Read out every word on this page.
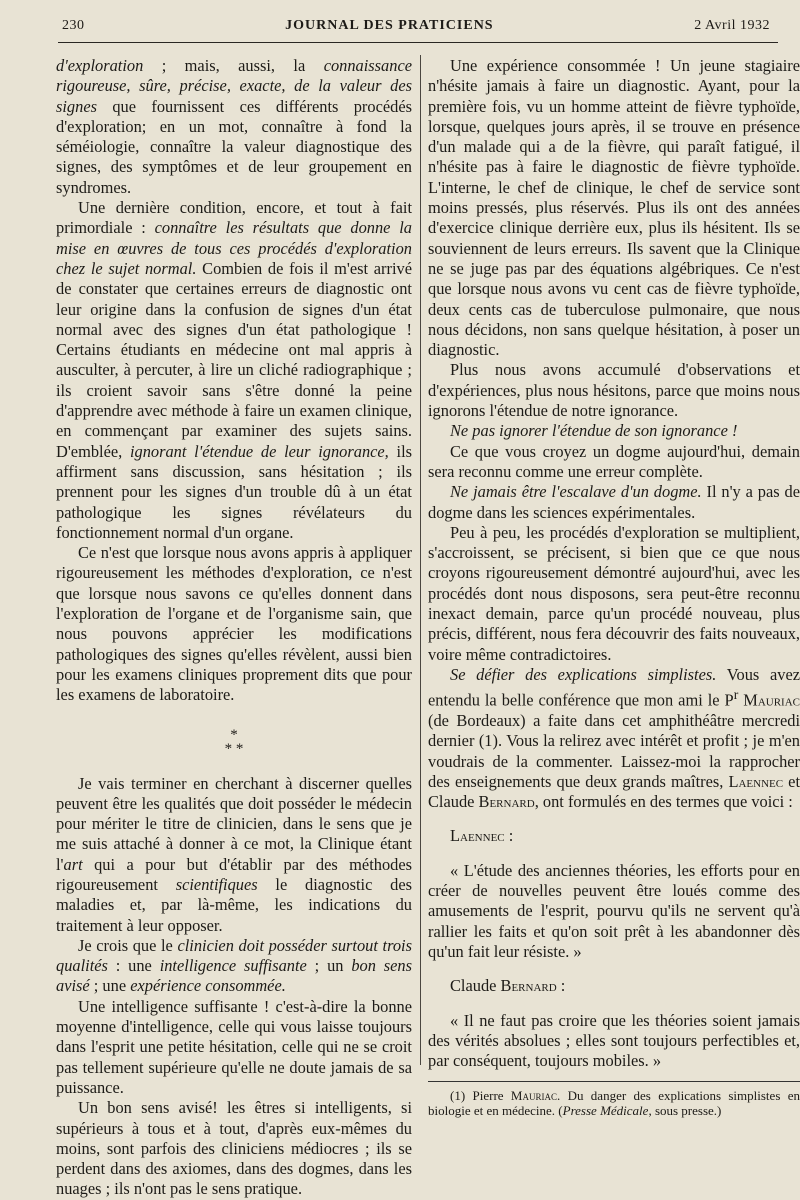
230	JOURNAL DES PRATICIENS	2 Avril 1932

d'exploration ; mais, aussi, la connaissance rigoureuse, sûre, précise, exacte, de la valeur des signes que fournissent ces différents procédés d'exploration; en un mot, connaître à fond la séméiologie, connaître la valeur diagnostique des signes, des symptômes et de leur groupement en syndromes.

Une dernière condition, encore, et tout à fait primordiale : connaître les résultats que donne la mise en œuvres de tous ces procédés d'exploration chez le sujet normal. Combien de fois il m'est arrivé de constater que certaines erreurs de diagnostic ont leur origine dans la confusion de signes d'un état normal avec des signes d'un état pathologique ! Certains étudiants en médecine ont mal appris à ausculter, à percuter, à lire un cliché radiographique ; ils croient savoir sans s'être donné la peine d'apprendre avec méthode à faire un examen clinique, en commençant par examiner des sujets sains. D'emblée, ignorant l'étendue de leur ignorance, ils affirment sans discussion, sans hésitation ; ils prennent pour les signes d'un trouble dû à un état pathologique les signes révélateurs du fonctionnement normal d'un organe.

Ce n'est que lorsque nous avons appris à appliquer rigoureusement les méthodes d'exploration, ce n'est que lorsque nous savons ce qu'elles donnent dans l'exploration de l'organe et de l'organisme sain, que nous pouvons apprécier les modifications pathologiques des signes qu'elles révèlent, aussi bien pour les examens cliniques proprement dits que pour les examens de laboratoire.

*
* *

Je vais terminer en cherchant à discerner quelles peuvent être les qualités que doit posséder le médecin pour mériter le titre de clinicien, dans le sens que je me suis attaché à donner à ce mot, la Clinique étant l'art qui a pour but d'établir par des méthodes rigoureusement scientifiques le diagnostic des maladies et, par là-même, les indications du traitement à leur opposer.

Je crois que le clinicien doit posséder surtout trois qualités : une intelligence suffisante ; un bon sens avisé ; une expérience consommée.

Une intelligence suffisante ! c'est-à-dire la bonne moyenne d'intelligence, celle qui vous laisse toujours dans l'esprit une petite hésitation, celle qui ne se croit pas tellement supérieure qu'elle ne doute jamais de sa puissance.

Un bon sens avisé! les êtres si intelligents, si supérieurs à tous et à tout, d'après eux-mêmes du moins, sont parfois des cliniciens médiocres ; ils se perdent dans des axiomes, dans des dogmes, dans les nuages ; ils n'ont pas le sens pratique.

Une expérience consommée ! Un jeune stagiaire n'hésite jamais à faire un diagnostic. Ayant, pour la première fois, vu un homme atteint de fièvre typhoïde, lorsque, quelques jours après, il se trouve en présence d'un malade qui a de la fièvre, qui paraît fatigué, il n'hésite pas à faire le diagnostic de fièvre typhoïde. L'interne, le chef de clinique, le chef de service sont moins pressés, plus réservés. Plus ils ont des années d'exercice clinique derrière eux, plus ils hésitent. Ils se souviennent de leurs erreurs. Ils savent que la Clinique ne se juge pas par des équations algébriques. Ce n'est que lorsque nous avons vu cent cas de fièvre typhoïde, deux cents cas de tuberculose pulmonaire, que nous nous décidons, non sans quelque hésitation, à poser un diagnostic.

Plus nous avons accumulé d'observations et d'expériences, plus nous hésitons, parce que moins nous ignorons l'étendue de notre ignorance.

Ne pas ignorer l'étendue de son ignorance !

Ce que vous croyez un dogme aujourd'hui, demain sera reconnu comme une erreur complète.

Ne jamais être l'escalave d'un dogme. Il n'y a pas de dogme dans les sciences expérimentales.

Peu à peu, les procédés d'exploration se multiplient, s'accroissent, se précisent, si bien que ce que nous croyons rigoureusement démontré aujourd'hui, avec les procédés dont nous disposons, sera peut-être reconnu inexact demain, parce qu'un procédé nouveau, plus précis, différent, nous fera découvrir des faits nouveaux, voire même contradictoires.

Se défier des explications simplistes. Vous avez entendu la belle conférence que mon ami le $P^r$ Mauriac (de Bordeaux) a faite dans cet amphithéâtre mercredi dernier (1). Vous la relirez avec intérêt et profit ; je m'en voudrais de la commenter. Laissez-moi la rapprocher des enseignements que deux grands maîtres, Laennec et Claude Bernard, ont formulés en des termes que voici :

Laennec :

« L'étude des anciennes théories, les efforts pour en créer de nouvelles peuvent être loués comme des amusements de l'esprit, pourvu qu'ils ne servent qu'à rallier les faits et qu'on soit prêt à les abandonner dès qu'un fait leur résiste. »

Claude Bernard :

« Il ne faut pas croire que les théories soient jamais des vérités absolues ; elles sont toujours perfectibles et, par conséquent, toujours mobiles. »

(1) Pierre Mauriac. Du danger des explications simplistes en biologie et en médecine. (Presse Médicale, sous presse.)
